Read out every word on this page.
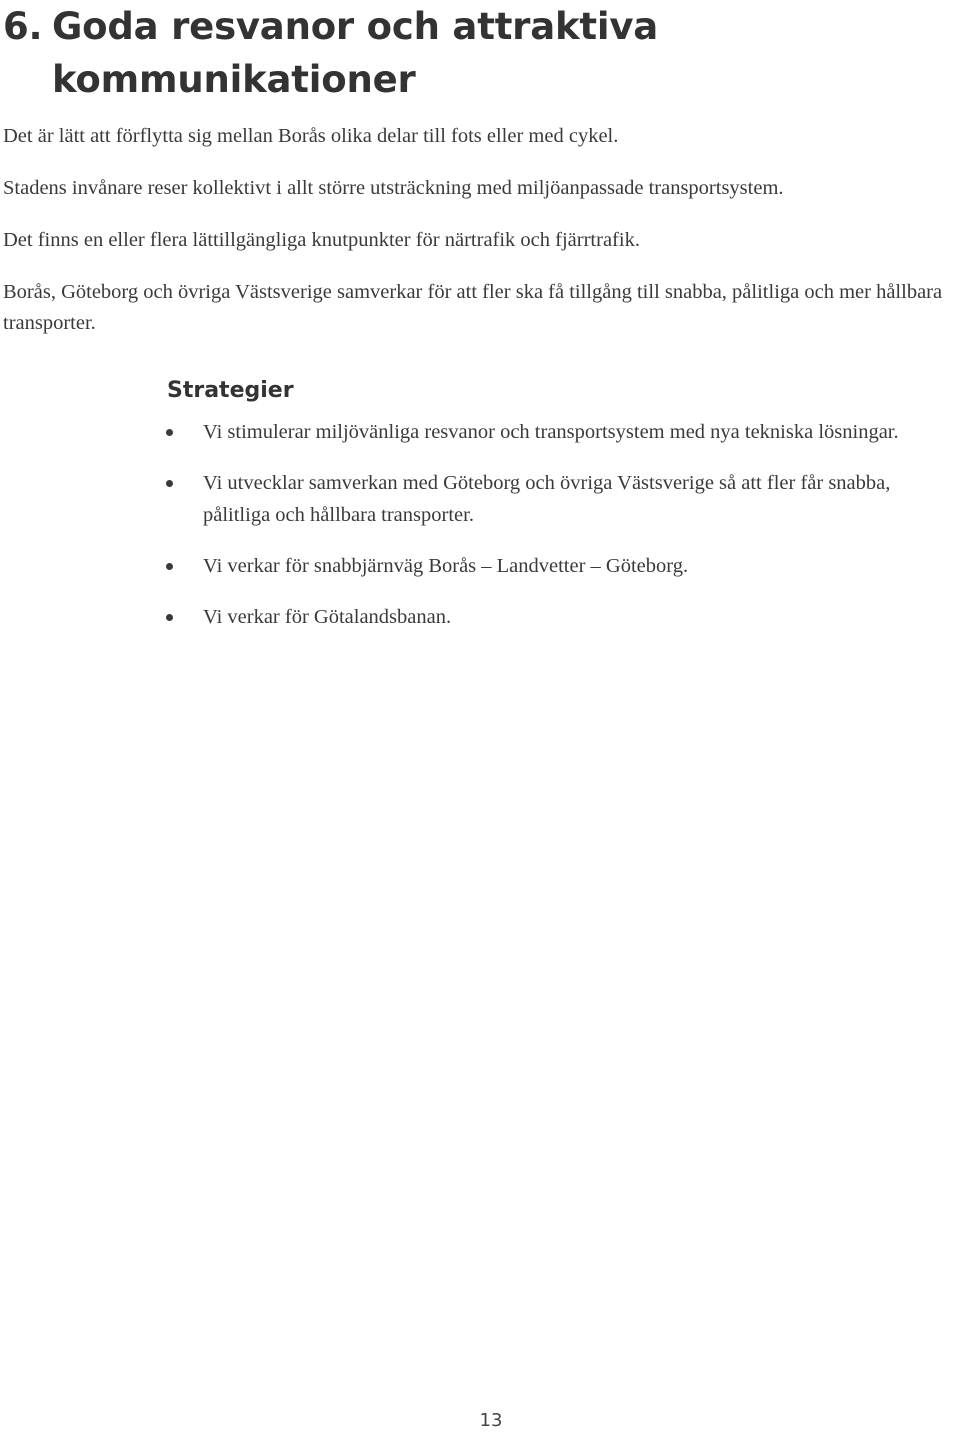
6. Goda resvanor och attraktiva
kommunikationer

Det är lätt att förflytta sig mellan Borås olika delar till fots eller med cykel.

Stadens invånare reser kollektivt i allt större utsträckning med miljöanpassade transportsystem.

Det finns en eller flera lättillgängliga knutpunkter för närtrafik och fjärrtrafik.

Borås, Göteborg och övriga Västsverige samverkar för att fler ska få tillgång till snabba, pålitliga och mer hållbara transporter.

Strategier
Vi stimulerar miljövänliga resvanor och transportsystem med nya tekniska lösningar.
Vi utvecklar samverkan med Göteborg och övriga Västsverige så att fler får snabba, pålitliga och hållbara transporter.
Vi verkar för snabbjärnväg Borås – Landvetter – Göteborg.
Vi verkar för Götalandsbanan.
13
